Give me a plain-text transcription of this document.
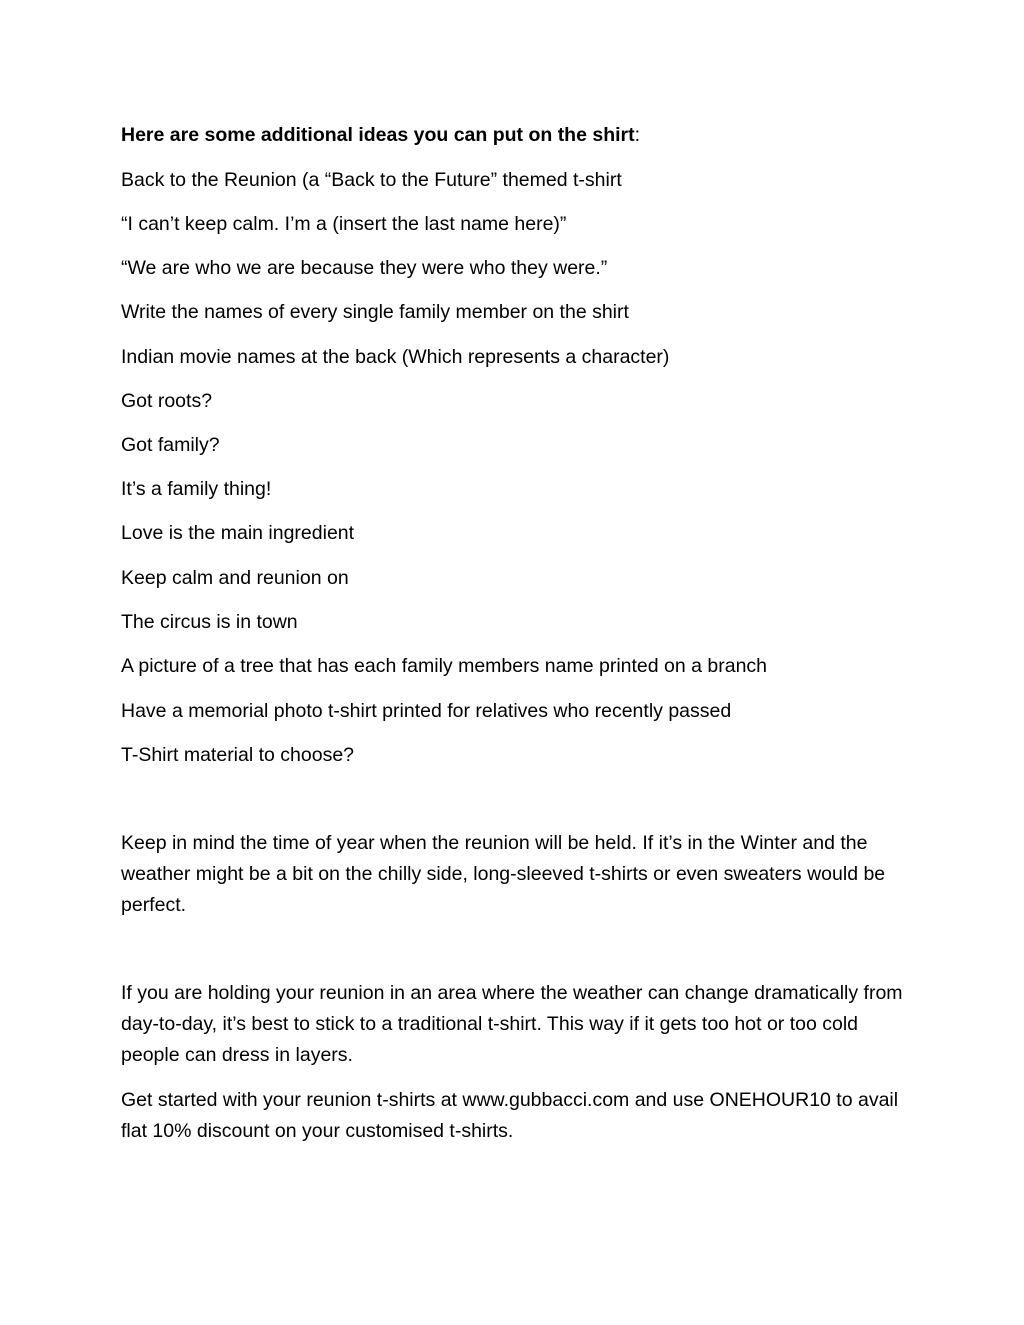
Here are some additional ideas you can put on the shirt:

Back to the Reunion (a “Back to the Future” themed t-shirt

“I can’t keep calm. I’m a (insert the last name here)”

“We are who we are because they were who they were.”

Write the names of every single family member on the shirt

Indian movie names at the back (Which represents a character)

Got roots?

Got family?

It’s a family thing!

Love is the main ingredient

Keep calm and reunion on

The circus is in town

A picture of a tree that has each family members name printed on a branch

Have a memorial photo t-shirt printed for relatives who recently passed

T-Shirt material to choose?

Keep in mind the time of year when the reunion will be held. If it’s in the Winter and the weather might be a bit on the chilly side, long-sleeved t-shirts or even sweaters would be perfect.

If you are holding your reunion in an area where the weather can change dramatically from day-to-day, it’s best to stick to a traditional t-shirt. This way if it gets too hot or too cold people can dress in layers.

Get started with your reunion t-shirts at www.gubbacci.com and use ONEHOUR10 to avail flat 10% discount on your customised t-shirts.
